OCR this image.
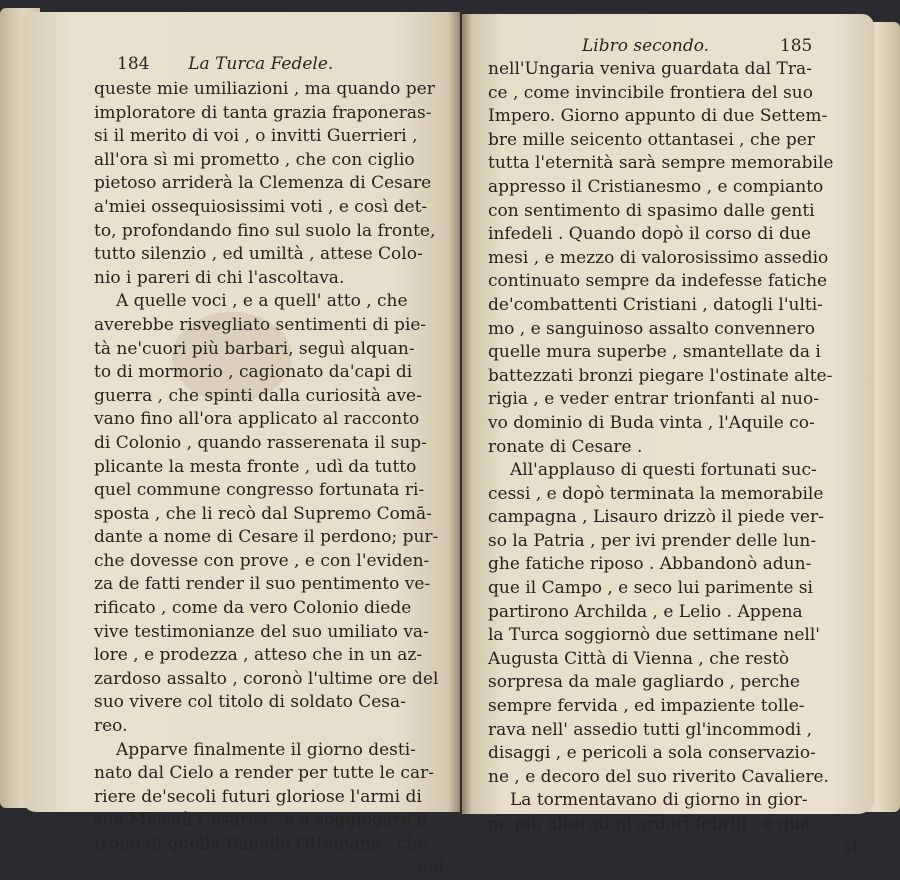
184 La Turca Fedele.
queste mie umiliazioni , ma quando per
imploratore di tanta grazia fraponeras-
si il merito di voi , o invitti Guerrieri ,
all'ora sì mi prometto , che con ciglio
pietoso arriderà la Clemenza di Cesare
a'miei ossequiosissimi voti , e così det-
to, profondando fino sul suolo la fronte,
tutto silenzio , ed umiltà , attese Colo-
nio i pareri di chi l'ascoltava.
A quelle voci , e a quell' atto , che
averebbe risvegliato sentimenti di pie-
tà ne'cuori più barbari, seguì alquan-
to di mormorio , cagionato da'capi di
guerra , che spinti dalla curiosità ave-
vano fino all'ora applicato al racconto
di Colonio , quando rasserenata il sup-
plicante la mesta fronte , udì da tutto
quel commune congresso fortunata ri-
sposta , che li recò dal Supremo Comā-
dante a nome di Cesare il perdono; pur-
che dovesse con prove , e con l'eviden-
za de fatti render il suo pentimento ve-
rificato , come da vero Colonio diede
vive testimonianze del suo umiliato va-
lore , e prodezza , atteso che in un az-
zardoso assalto , coronò l'ultime ore del
suo vivere col titolo di soldato Cesa-
reo.
Apparve finalmente il giorno desti-
nato dal Cielo a render per tutte le car-
riere de'secoli futuri gloriose l'armi di
sua Maestà Cesarea , e a soggiogare il
trono di quella Babelle Ottomana , che
nel
Libro secondo.	185
nell'Ungaria veniva guardata dal Tra-
ce , come invincibile frontiera del suo
Impero. Giorno appunto di due Settem-
bre mille seicento ottantasei , che per
tutta l'eternità sarà sempre memorabile
appresso il Cristianesmo , e compianto
con sentimento di spasimo dalle genti
infedeli . Quando dopò il corso di due
mesi , e mezzo di valorosissimo assedio
continuato sempre da indefesse fatiche
de'combattenti Cristiani , datogli l'ulti-
mo , e sanguinoso assalto convennero
quelle mura superbe , smantellate da i
battezzati bronzi piegare l'ostinate alte-
rigia , e veder entrar trionfanti al nuo-
vo dominio di Buda vinta , l'Aquile co-
ronate di Cesare .
All'applauso di questi fortunati suc-
cessi , e dopò terminata la memorabile
campagna , Lisauro drizzò il piede ver-
so la Patria , per ivi prender delle lun-
ghe fatiche riposo . Abbandonò adun-
que il Campo , e seco lui parimente si
partirono Archilda , e Lelio . Appena
la Turca soggiornò due settimane nell'
Augusta Città di Vienna , che restò
sorpresa da male gagliardo , perche
sempre fervida , ed impaziente tolle-
rava nell' assedio tutti gl'incommodi ,
disaggi , e pericoli a sola conservazio-
ne , e decoro del suo riverito Cavaliere.
La tormentavano di giorno in gior-
no più alterati gl'ardori febrili , e qua-
si
